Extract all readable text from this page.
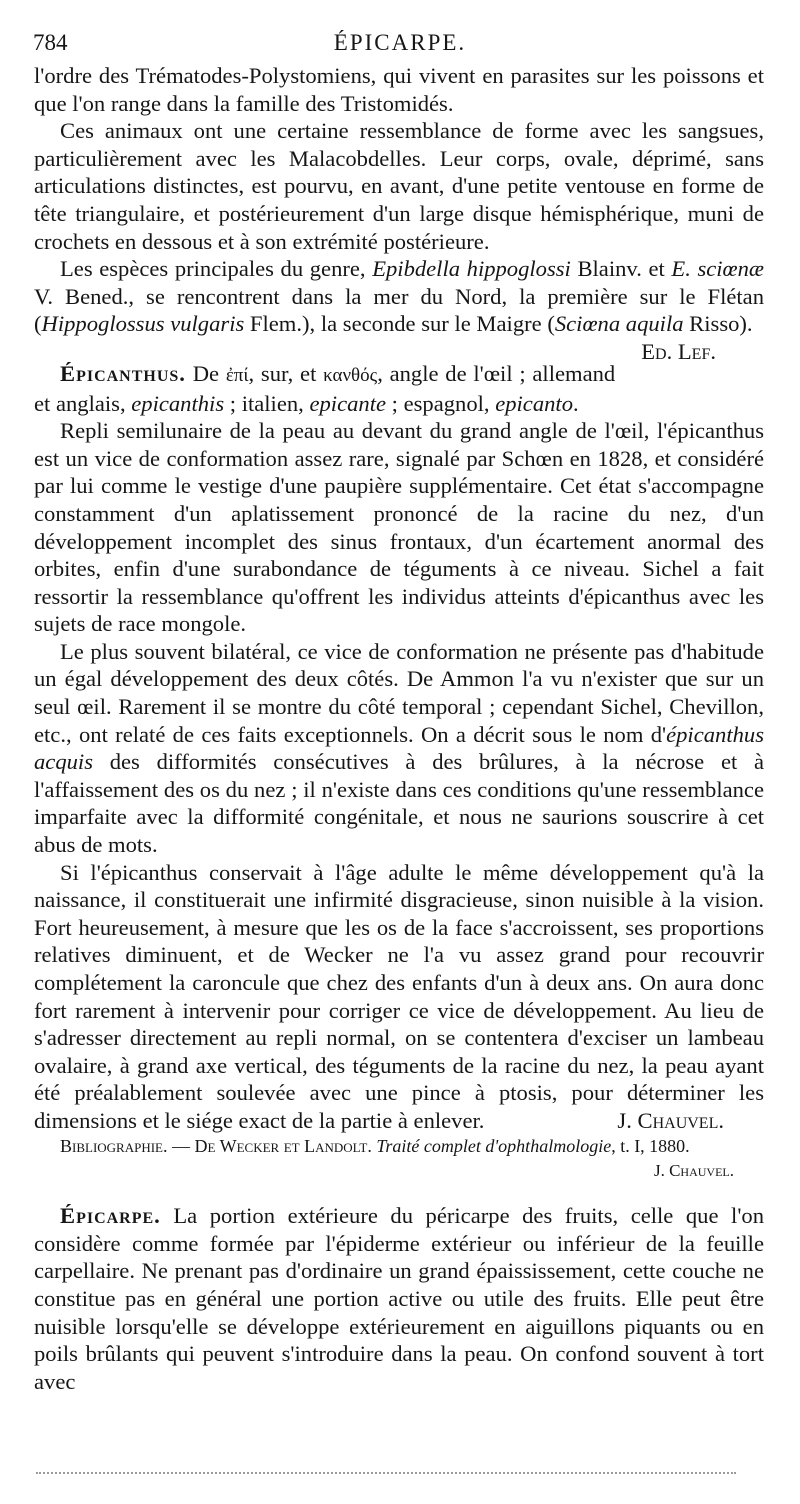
784	ÉPICARPE.

l'ordre des Trématodes-Polystomiens, qui vivent en parasites sur les poissons et que l'on range dans la famille des Tristomidés.

Ces animaux ont une certaine ressemblance de forme avec les sangsues, particulièrement avec les Malacobdelles. Leur corps, ovale, déprimé, sans articulations distinctes, est pourvu, en avant, d'une petite ventouse en forme de tête triangulaire, et postérieurement d'un large disque hémisphérique, muni de crochets en dessous et à son extrémité postérieure.

Les espèces principales du genre, Epibdella hippoglossi Blainv. et E. sciœnæ V. Bened., se rencontrent dans la mer du Nord, la première sur le Flétan (Hippoglossus vulgaris Flem.), la seconde sur le Maigre (Sciœna aquila Risso).
Ed. Lef.

Épicanthus. De ἐπί, sur, et κανθός, angle de l'œil ; allemand et anglais, epicanthis ; italien, epicante ; espagnol, epicanto.

Repli semilunaire de la peau au devant du grand angle de l'œil, l'épicanthus est un vice de conformation assez rare, signalé par Schœn en 1828, et considéré par lui comme le vestige d'une paupière supplémentaire. Cet état s'accompagne constamment d'un aplatissement prononcé de la racine du nez, d'un développement incomplet des sinus frontaux, d'un écartement anormal des orbites, enfin d'une surabondance de téguments à ce niveau. Sichel a fait ressortir la ressemblance qu'offrent les individus atteints d'épicanthus avec les sujets de race mongole.

Le plus souvent bilatéral, ce vice de conformation ne présente pas d'habitude un égal développement des deux côtés. De Ammon l'a vu n'exister que sur un seul œil. Rarement il se montre du côté temporal ; cependant Sichel, Chevillon, etc., ont relaté de ces faits exceptionnels. On a décrit sous le nom d'épicanthus acquis des difformités consécutives à des brûlures, à la nécrose et à l'affaissement des os du nez ; il n'existe dans ces conditions qu'une ressemblance imparfaite avec la difformité congénitale, et nous ne saurions souscrire à cet abus de mots.

Si l'épicanthus conservait à l'âge adulte le même développement qu'à la naissance, il constituerait une infirmité disgracieuse, sinon nuisible à la vision. Fort heureusement, à mesure que les os de la face s'accroissent, ses proportions relatives diminuent, et de Wecker ne l'a vu assez grand pour recouvrir complétement la caroncule que chez des enfants d'un à deux ans. On aura donc fort rarement à intervenir pour corriger ce vice de développement. Au lieu de s'adresser directement au repli normal, on se contentera d'exciser un lambeau ovalaire, à grand axe vertical, des téguments de la racine du nez, la peau ayant été préalablement soulevée avec une pince à ptosis, pour déterminer les dimensions et le siége exact de la partie à enlever.	J. Chauvel.

Bibliographie. — De Wecker et Landolt. Traité complet d'ophthalmologie, t. I, 1880.

J. Chauvel.

Épicarpe. La portion extérieure du péricarpe des fruits, celle que l'on considère comme formée par l'épiderme extérieur ou inférieur de la feuille carpellaire. Ne prenant pas d'ordinaire un grand épaississement, cette couche ne constitue pas en général une portion active ou utile des fruits. Elle peut être nuisible lorsqu'elle se développe extérieurement en aiguillons piquants ou en poils brûlants qui peuvent s'introduire dans la peau. On confond souvent à tort avec
